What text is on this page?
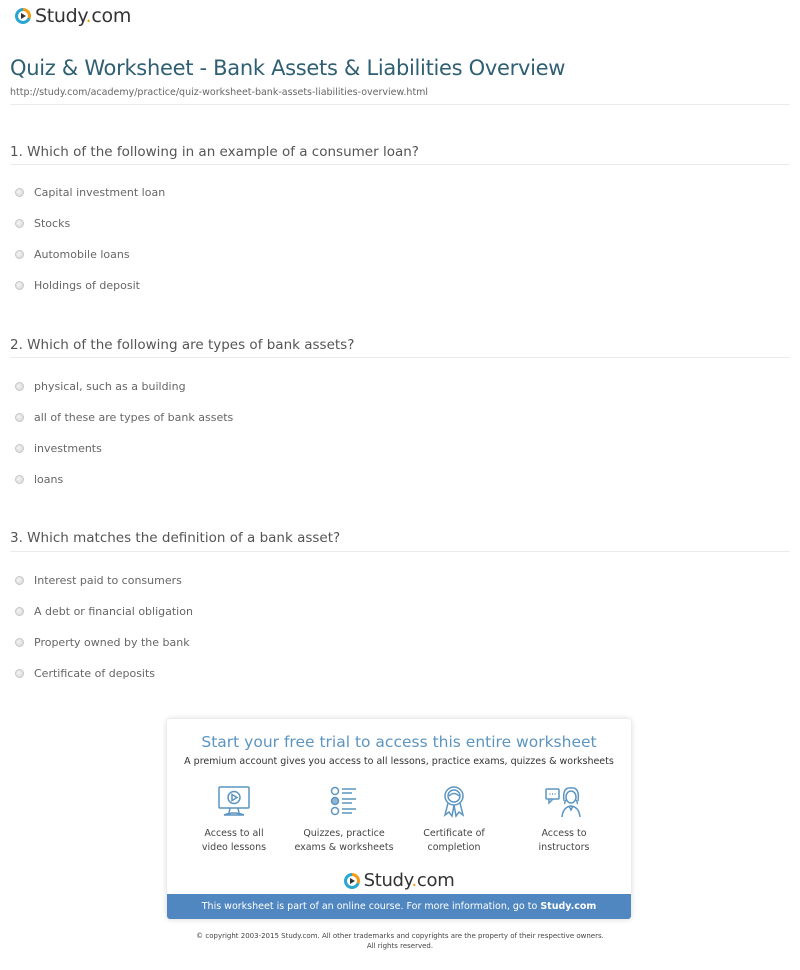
Study.com
Quiz & Worksheet - Bank Assets & Liabilities Overview
http://study.com/academy/practice/quiz-worksheet-bank-assets-liabilities-overview.html
1. Which of the following in an example of a consumer loan?
Capital investment loan
Stocks
Automobile loans
Holdings of deposit
2. Which of the following are types of bank assets?
physical, such as a building
all of these are types of bank assets
investments
loans
3. Which matches the definition of a bank asset?
Interest paid to consumers
A debt or financial obligation
Property owned by the bank
Certificate of deposits
Start your free trial to access this entire worksheet
A premium account gives you access to all lessons, practice exams, quizzes & worksheets
Access to all
video lessons
Quizzes, practice
exams & worksheets
Certificate of
completion
Access to
instructors
Study.com
This worksheet is part of an online course. For more information, go to Study.com
© copyright 2003-2015 Study.com. All other trademarks and copyrights are the property of their respective owners.
All rights reserved.
